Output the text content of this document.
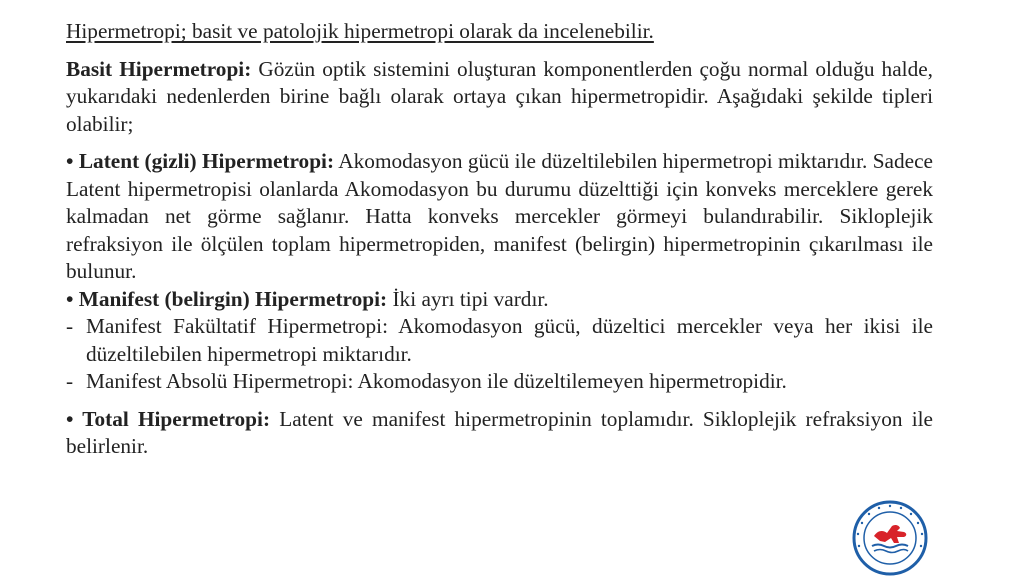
Hipermetropi; basit ve patolojik hipermetropi olarak da incelenebilir.

Basit Hipermetropi: Gözün optik sistemini oluşturan komponentlerden çoğu normal olduğu halde, yukarıdaki nedenlerden birine bağlı olarak ortaya çıkan hipermetropidir. Aşağıdaki şekilde tipleri olabilir;

• Latent (gizli) Hipermetropi: Akomodasyon gücü ile düzeltilebilen hipermetropi miktarıdır. Sadece Latent hipermetropisi olanlarda Akomodasyon bu durumu düzelttiği için konveks merceklere gerek kalmadan net görme sağlanır. Hatta konveks mercekler görmeyi bulandırabilir. Sikloplejik refraksiyon ile ölçülen toplam hipermetropiden, manifest (belirgin) hipermetropinin çıkarılması ile bulunur.

• Manifest (belirgin) Hipermetropi: İki ayrı tipi vardır.

- Manifest Fakültatif Hipermetropi: Akomodasyon gücü, düzeltici mercekler veya her ikisi ile düzeltilebilen hipermetropi miktarıdır.
- Manifest Absolü Hipermetropi: Akomodasyon ile düzeltilemeyen hipermetropidir.

• Total Hipermetropi: Latent ve manifest hipermetropinin toplamıdır. Sikloplejik refraksiyon ile belirlenir.
